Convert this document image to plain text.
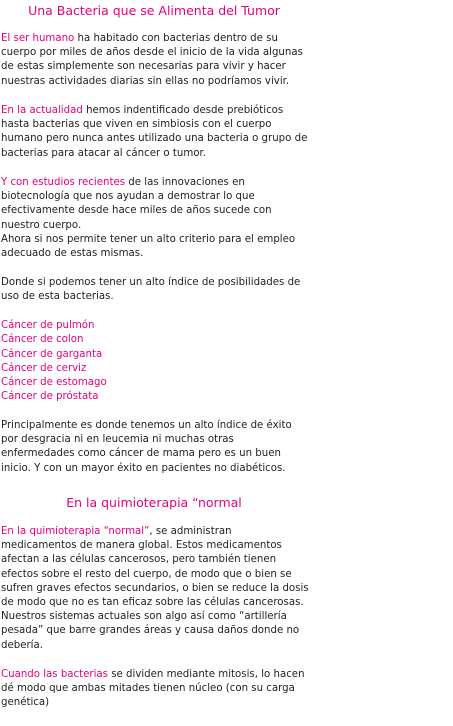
Una Bacteria que se Alimenta del Tumor

El ser humano ha habitado con bacterias dentro de su cuerpo por miles de años desde el inicio de la vida algunas de estas simplemente son necesarias para vivir y hacer nuestras actividades diarias sin ellas no podríamos vivir.

En la actualidad hemos indentificado desde prebióticos hasta bacterias que viven en simbiosis con el cuerpo humano pero nunca antes utilizado una bacteria o grupo de bacterias para atacar al cáncer o tumor.

Y con estudios recientes de las innovaciones en biotecnología que nos ayudan a demostrar lo que efectivamente desde hace miles de años sucede con nuestro cuerpo.
Ahora si nos permite tener un alto criterio para el empleo adecuado de estas mismas.

Donde si podemos tener un alto índice de posibilidades de uso de esta bacterias.

Cáncer de pulmón
Cáncer de colon
Cáncer de garganta
Cáncer de cerviz
Cáncer de estomago
Cáncer de próstata

Principalmente es donde tenemos un alto índice de éxito por desgracia ni en leucemia ni muchas otras enfermedades como cáncer de mama pero es un buen inicio. Y con un mayor éxito en pacientes no diabéticos.

En la quimioterapia “normal

En la quimioterapia “normal”, se administran medicamentos de manera global. Estos medicamentos afectan a las células cancerosos, pero también tienen efectos sobre el resto del cuerpo, de modo que o bien se sufren graves efectos secundarios, o bien se reduce la dosis de modo que no es tan eficaz sobre las células cancerosas. Nuestros sistemas actuales son algo así como “artillería pesada” que barre grandes áreas y causa daños donde no debería.

Cuando las bacterias se dividen mediante mitosis, lo hacen dé modo que ambas mitades tienen núcleo (con su carga genética)
